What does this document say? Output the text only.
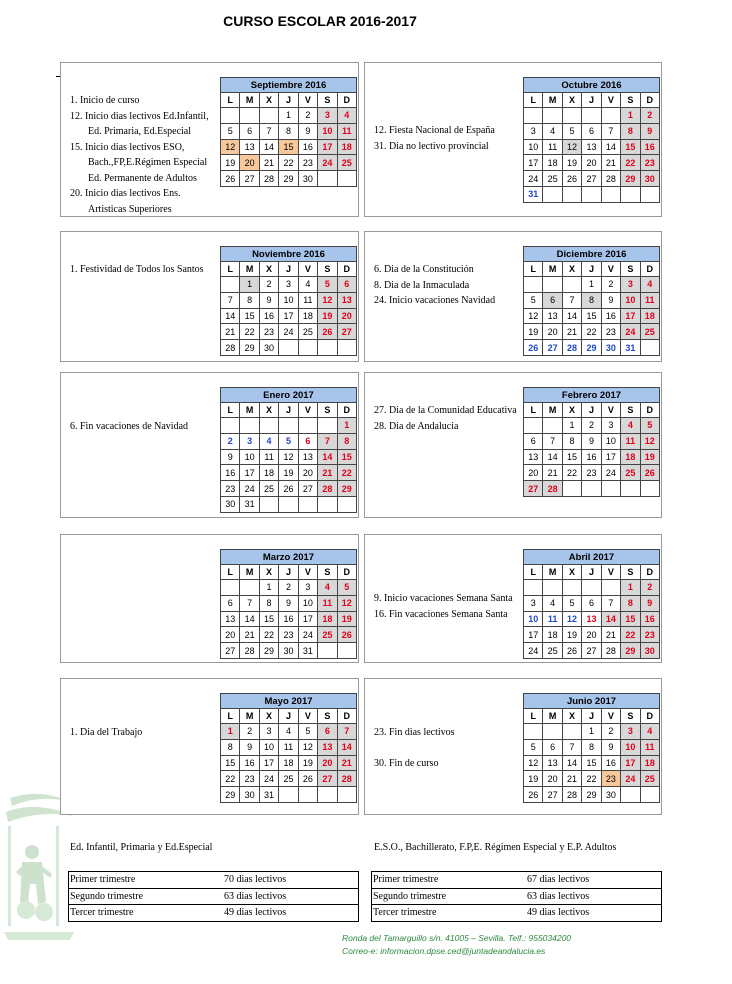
CURSO ESCOLAR 2016-2017
Septiembre 2016						
L	M	X	J	V	S	D
			1	2	3	4
5	6	7	8	9	10	11
12	13	14	15	16	17	18
19	20	21	22	23	24	25
26	27	28	29	30		
1. Inicio de curso
12. Inicio dias lectivos Ed.Infantil,
Ed. Primaria, Ed.Especial
15. Inicio dias lectivos ESO,
Bach.,FP,E.Régimen Especial
Ed. Permanente de Adultos
20. Inicio dias lectivos Ens.
Artisticas Superiores
Octubre 2016						
L	M	X	J	V	S	D
					1	2
3	4	5	6	7	8	9
10	11	12	13	14	15	16
17	18	19	20	21	22	23
24	25	26	27	28	29	30
31						
12. Fiesta Nacional de España
31. Dia no lectivo provincial
Noviembre 2016						
L	M	X	J	V	S	D
	1	2	3	4	5	6
7	8	9	10	11	12	13
14	15	16	17	18	19	20
21	22	23	24	25	26	27
28	29	30				
1. Festividad de Todos los Santos
Diciembre 2016						
L	M	X	J	V	S	D
			1	2	3	4
5	6	7	8	9	10	11
12	13	14	15	16	17	18
19	20	21	22	23	24	25
26	27	28	29	30	31	
6. Dia de la Constitución
8. Dia de la Inmaculada
24. Inicio vacaciones Navidad
Enero 2017						
L	M	X	J	V	S	D
						1
2	3	4	5	6	7	8
9	10	11	12	13	14	15
16	17	18	19	20	21	22
23	24	25	26	27	28	29
30	31					
6. Fin vacaciones de Navidad
Febrero 2017						
L	M	X	J	V	S	D
		1	2	3	4	5
6	7	8	9	10	11	12
13	14	15	16	17	18	19
20	21	22	23	24	25	26
27	28					
27. Dia de la Comunidad Educativa
28. Dia de Andalucia
Marzo 2017						
L	M	X	J	V	S	D
		1	2	3	4	5
6	7	8	9	10	11	12
13	14	15	16	17	18	19
20	21	22	23	24	25	26
27	28	29	30	31		
Abril 2017						
L	M	X	J	V	S	D
					1	2
3	4	5	6	7	8	9
10	11	12	13	14	15	16
17	18	19	20	21	22	23
24	25	26	27	28	29	30
9. Inicio vacaciones Semana Santa
16. Fin vacaciones Semana Santa
Mayo 2017						
L	M	X	J	V	S	D
1	2	3	4	5	6	7
8	9	10	11	12	13	14
15	16	17	18	19	20	21
22	23	24	25	26	27	28
29	30	31				
1. Dia del Trabajo
Junio 2017						
L	M	X	J	V	S	D
			1	2	3	4
5	6	7	8	9	10	11
12	13	14	15	16	17	18
19	20	21	22	23	24	25
26	27	28	29	30		
23. Fin dias lectivos

30. Fin de curso
Ed. Infantil, Primaria y Ed.Especial	E.S.O., Bachillerato, F.P,E. Régimen Especial y E.P. Adultos
Primer trimestre	70 dias lectivos
Segundo trimestre	63 dias lectivos
Tercer trimestre	49 dias lectivos
Primer trimestre	67 dias lectivos
Segundo trimestre	63 dias lectivos
Tercer trimestre	49 dias lectivos
Ronda del Tamarguillo s/n. 41005 – Sevilla. Telf.: 955034200
Correo-e: informacion.dpse.ced@juntadeandalucia.es
